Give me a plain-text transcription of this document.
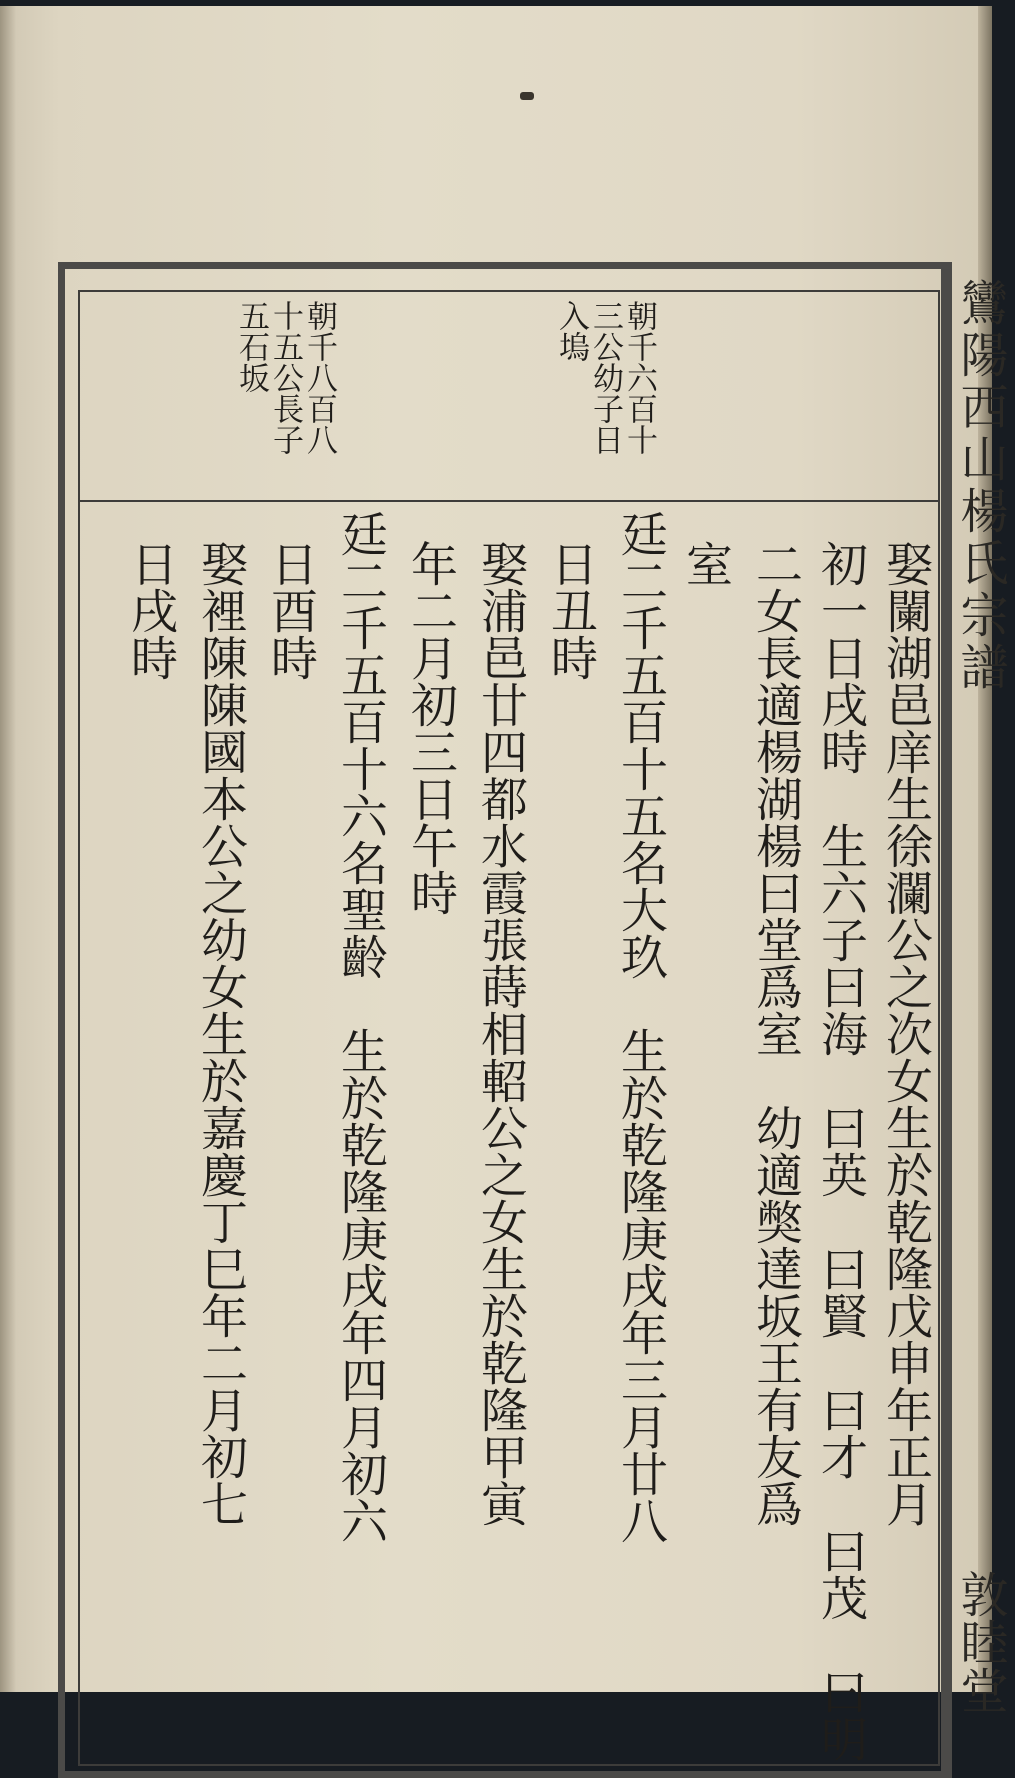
鸞陽西山楊氏宗譜
敦睦堂
朝千六百十三公幼子日入塢
朝千八百八十五公長子五石坂
娶闌湖邑庠生徐瀾公之次女生於乾隆戊申年正月
初一日戌時　生六子曰海　曰英　曰賢　曰才　曰茂　曰明
二女長適楊湖楊曰堂爲室　幼適獘達坂王有友爲
室
廷二千五百十五名大玖　生於乾隆庚戌年三月廿八
日丑時
娶浦邑廿四都水霞張蒔相軺公之女生於乾隆甲寅
年二月初三日午時
廷二千五百十六名聖齡　生於乾隆庚戌年四月初六
日酉時
娶裡陳陳國本公之幼女生於嘉慶丁巳年二月初七
日戌時
